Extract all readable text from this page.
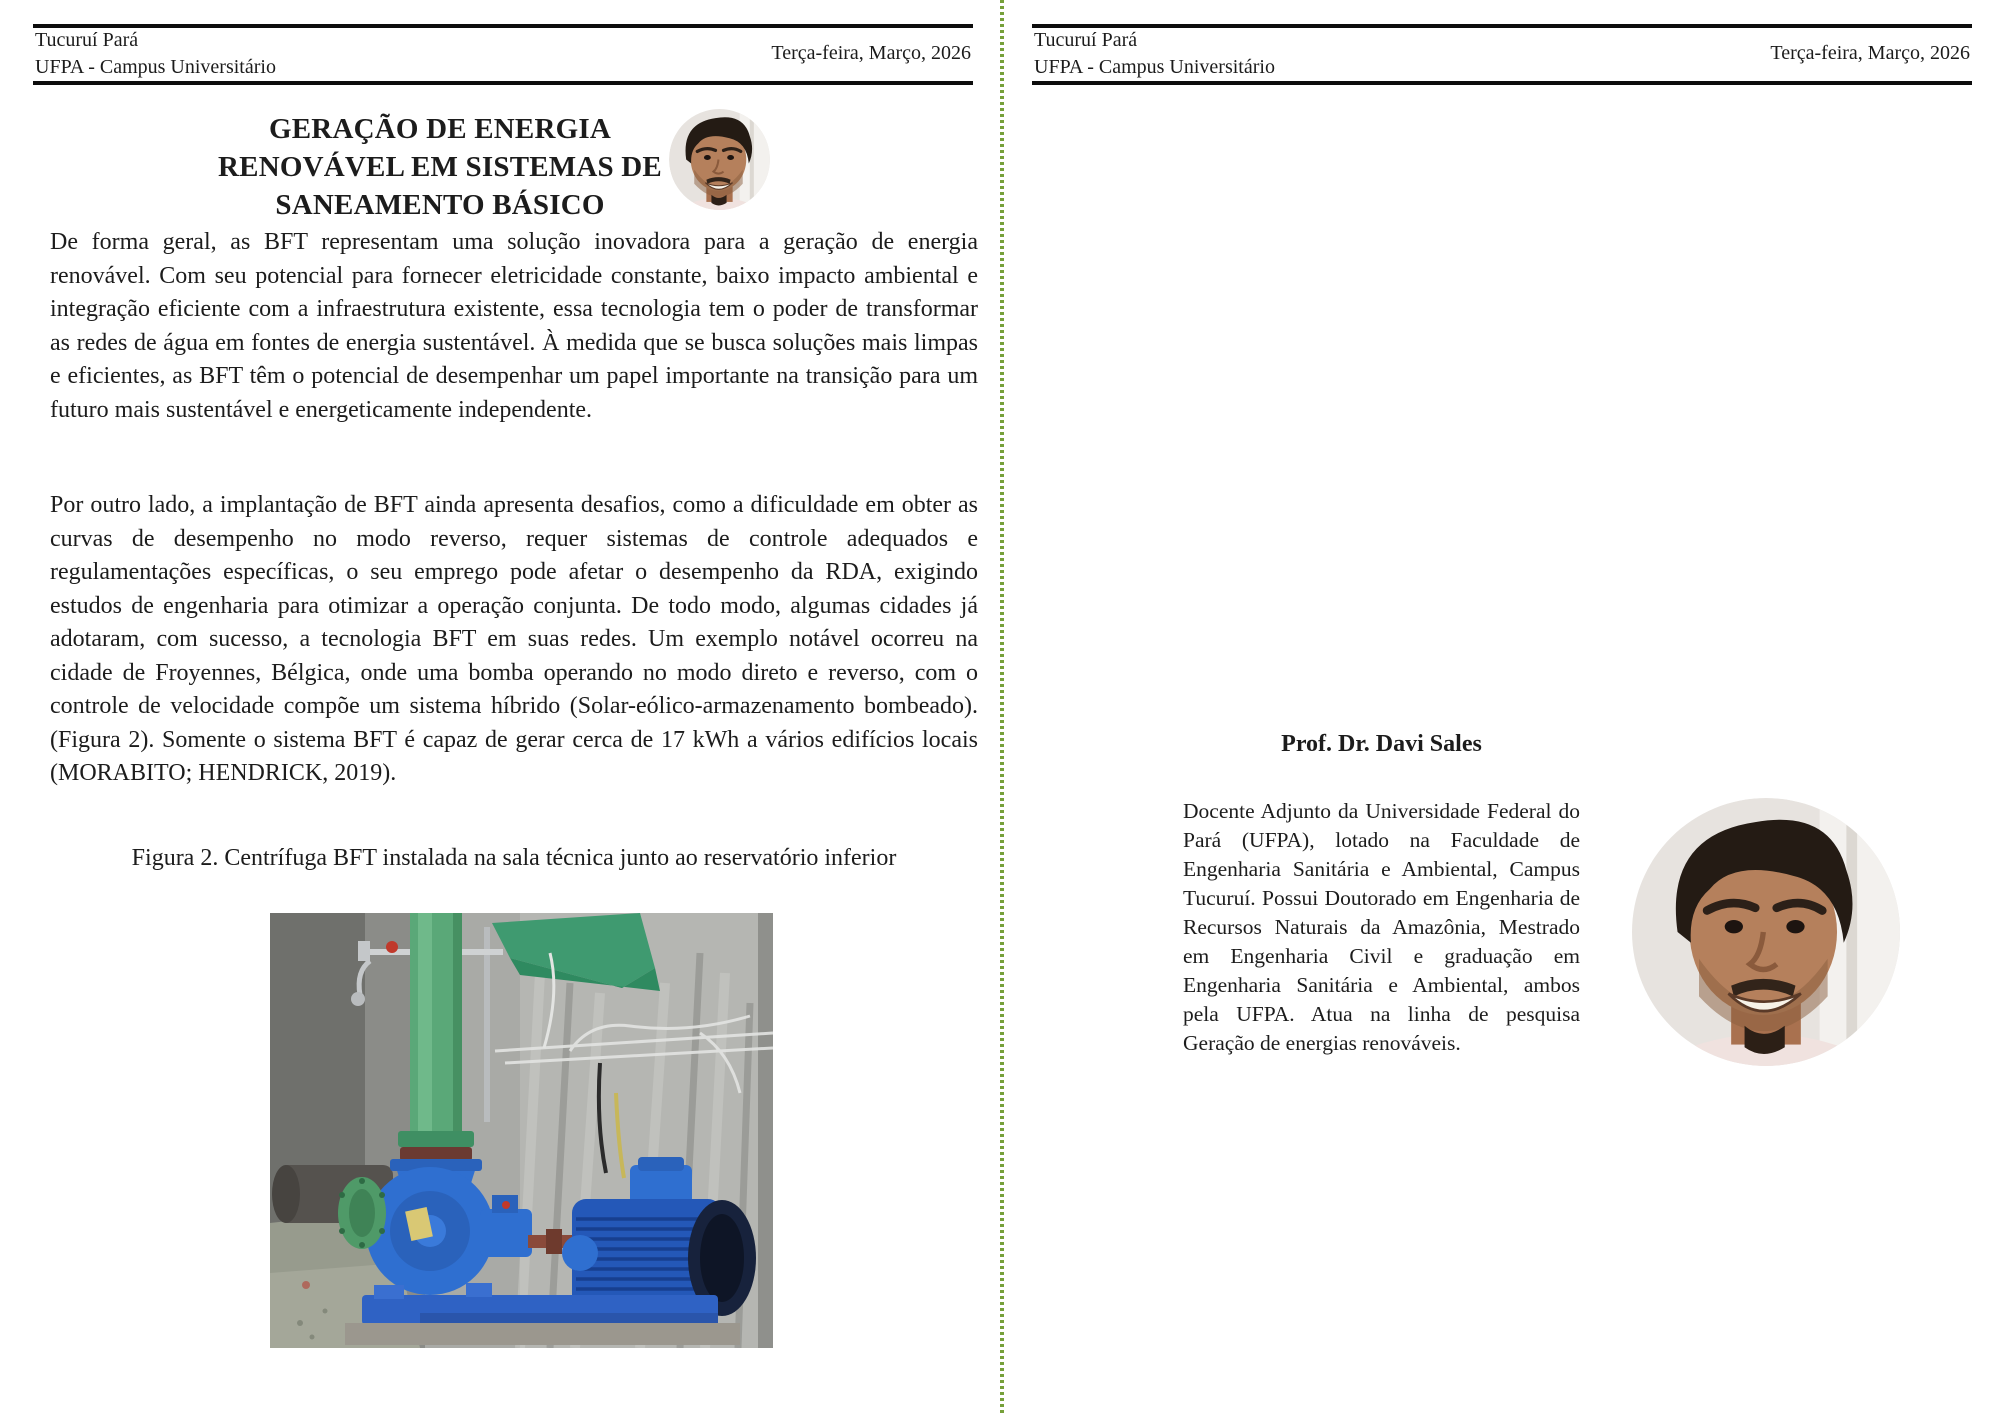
Tucuruí Pará
UFPA - Campus Universitário
Terça-feira, Março, 2026
GERAÇÃO DE ENERGIA
RENOVÁVEL EM SISTEMAS DE
SANEAMENTO BÁSICO

De forma geral, as BFT representam uma solução inovadora para a geração de energia renovável. Com seu potencial para fornecer eletricidade constante, baixo impacto ambiental e integração eficiente com a infraestrutura existente, essa tecnologia tem o poder de transformar as redes de água em fontes de energia sustentável. À medida que se busca soluções mais limpas e eficientes, as BFT têm o potencial de desempenhar um papel importante na transição para um futuro mais sustentável e energeticamente independente.

Por outro lado, a implantação de BFT ainda apresenta desafios, como a dificuldade em obter as curvas de desempenho no modo reverso, requer sistemas de controle adequados e regulamentações específicas, o seu emprego pode afetar o desempenho da RDA, exigindo estudos de engenharia para otimizar a operação conjunta. De todo modo, algumas cidades já adotaram, com sucesso, a tecnologia BFT em suas redes. Um exemplo notável ocorreu na cidade de Froyennes, Bélgica, onde uma bomba operando no modo direto e reverso, com o controle de velocidade compõe um sistema híbrido (Solar-eólico-armazenamento bombeado). (Figura 2). Somente o sistema BFT é capaz de gerar cerca de 17 kWh a vários edifícios locais (MORABITO; HENDRICK, 2019).

Figura 2. Centrífuga BFT instalada na sala técnica junto ao reservatório inferior

Tucuruí Pará
UFPA - Campus Universitário
Terça-feira, Março, 2026
Prof. Dr. Davi Sales

Docente Adjunto da Universidade Federal do Pará (UFPA), lotado na Faculdade de Engenharia Sanitária e Ambiental, Campus Tucuruí. Possui Doutorado em Engenharia de Recursos Naturais da Amazônia, Mestrado em Engenharia Civil e graduação em Engenharia Sanitária e Ambiental, ambos pela UFPA. Atua na linha de pesquisa Geração de energias renováveis.
